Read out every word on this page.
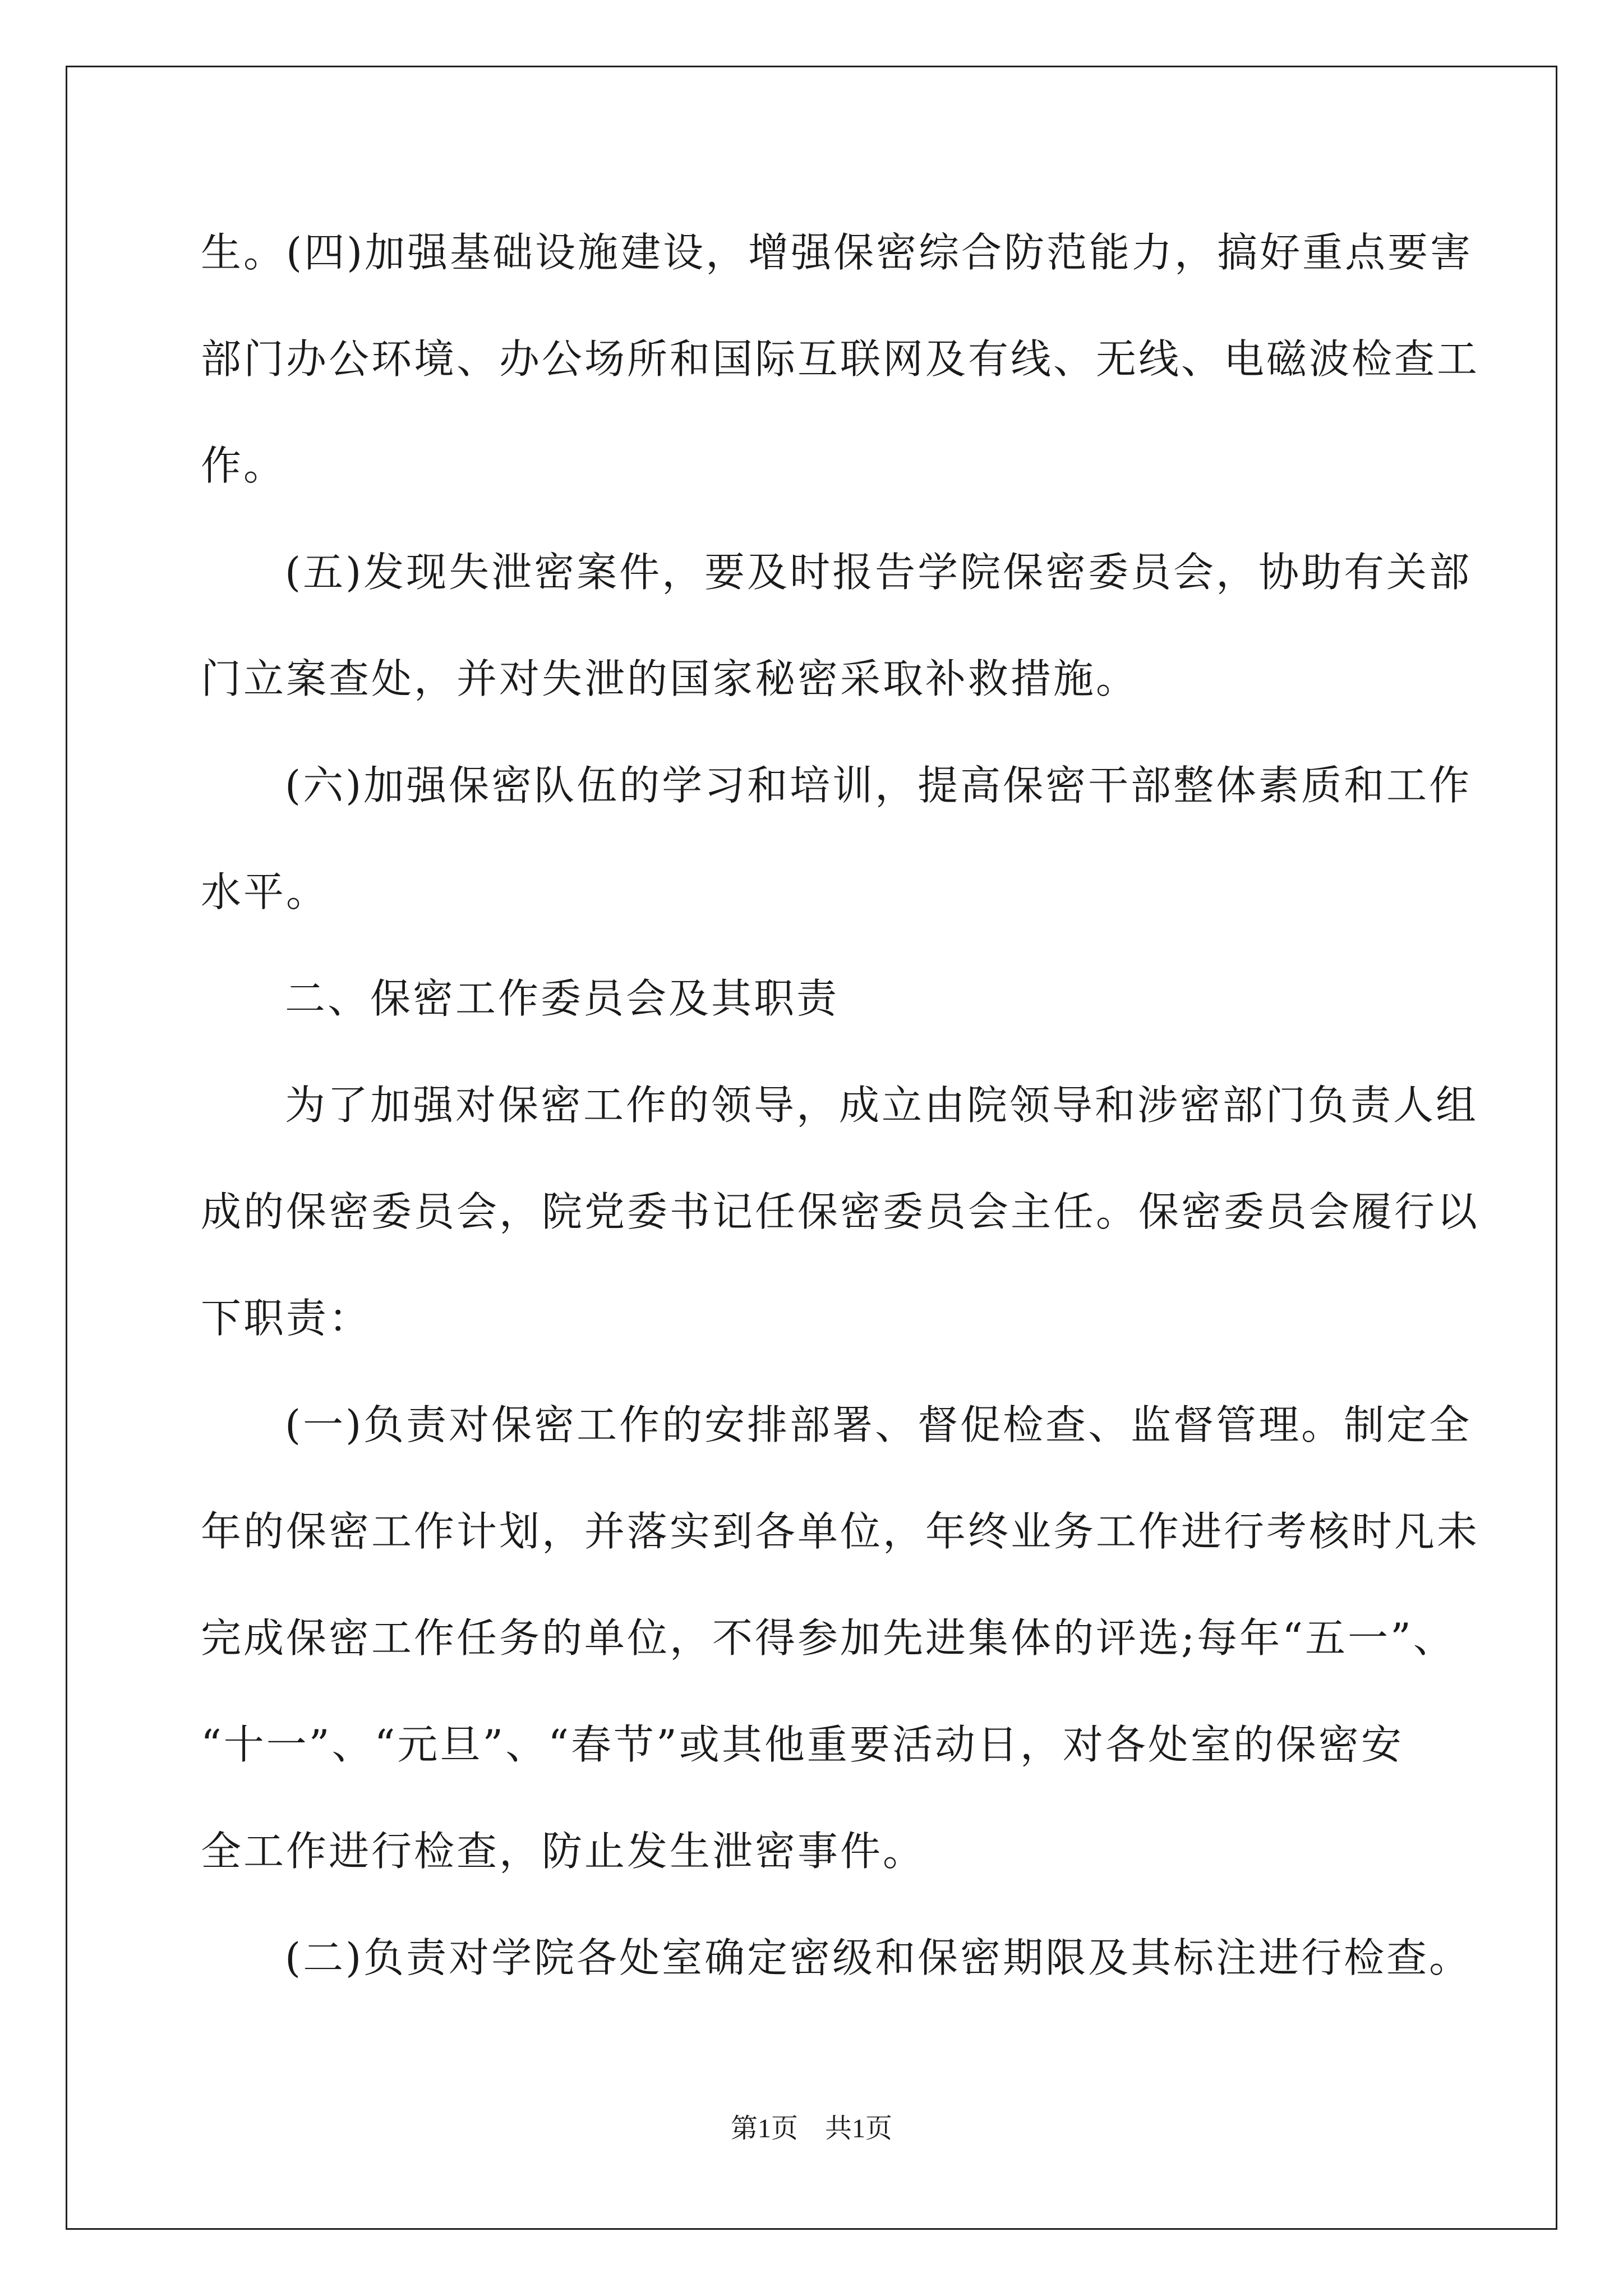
生。(四)加强基础设施建设，增强保密综合防范能力，搞好重点要害
部门办公环境、办公场所和国际互联网及有线、无线、电磁波检查工
作。
(五)发现失泄密案件，要及时报告学院保密委员会，协助有关部
门立案查处，并对失泄的国家秘密采取补救措施。
(六)加强保密队伍的学习和培训，提高保密干部整体素质和工作
水平。
二、保密工作委员会及其职责
为了加强对保密工作的领导，成立由院领导和涉密部门负责人组
成的保密委员会，院党委书记任保密委员会主任。保密委员会履行以
下职责：
(一)负责对保密工作的安排部署、督促检查、监督管理。制定全
年的保密工作计划，并落实到各单位，年终业务工作进行考核时凡未
完成保密工作任务的单位，不得参加先进集体的评选;每年“五一”、
“十一”、“元旦”、“春节”或其他重要活动日，对各处室的保密安
全工作进行检查，防止发生泄密事件。
(二)负责对学院各处室确定密级和保密期限及其标注进行检查。
第1页　共1页
